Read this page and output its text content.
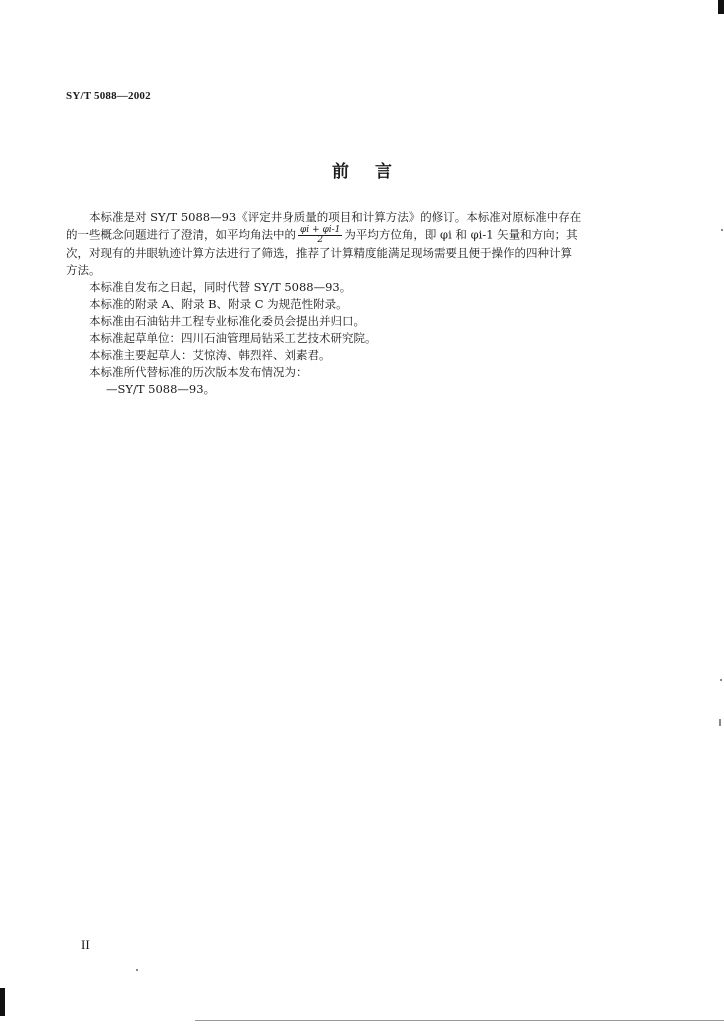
SY/T 5088—2002
前言
本标准是对 SY/T 5088—93《评定井身质量的项目和计算方法》的修订。本标准对原标准中存在
的一些概念问题进行了澄清，如平均角法中的 $\frac{\varphi i + \varphi i-1}{2}$ 为平均方位角，即 φi 和 φi-1 矢量和方向；其
次，对现有的井眼轨迹计算方法进行了筛选，推荐了计算精度能满足现场需要且便于操作的四种计算
方法。
本标准自发布之日起，同时代替 SY/T 5088—93。
本标准的附录 A、附录 B、附录 C 为规范性附录。
本标准由石油钻井工程专业标准化委员会提出并归口。
本标准起草单位：四川石油管理局钻采工艺技术研究院。
本标准主要起草人：艾惊涛、韩烈祥、刘素君。
本标准所代替标准的历次版本发布情况为：
—SY/T 5088—93。
II
